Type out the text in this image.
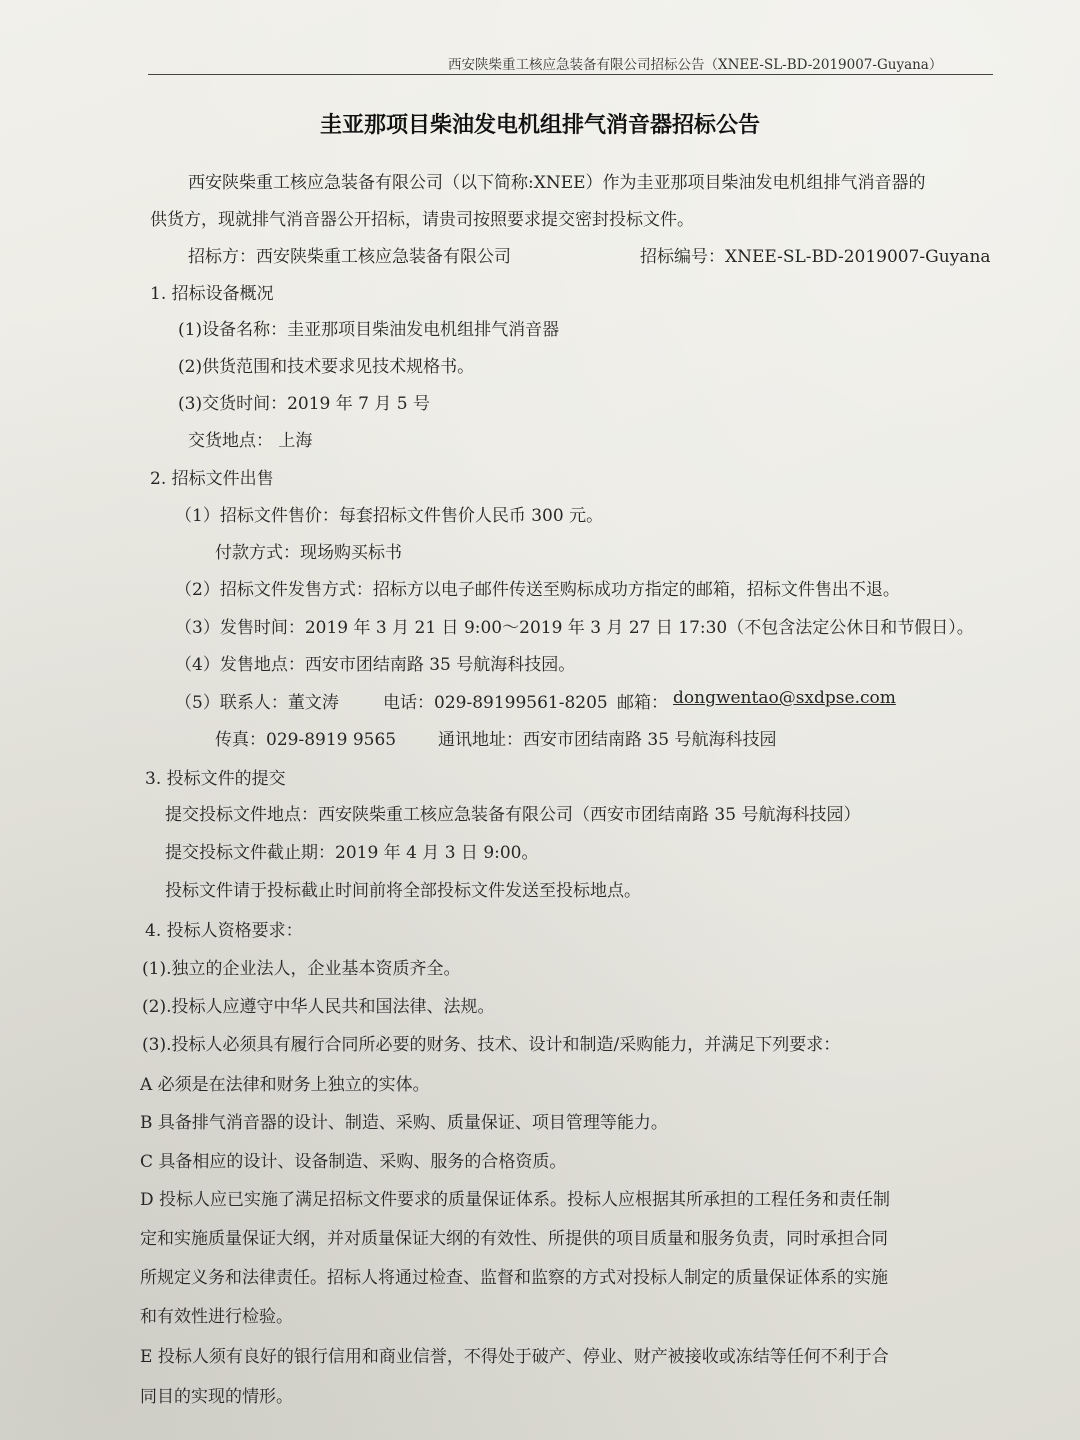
西安陕柴重工核应急装备有限公司招标公告（XNEE-SL-BD-2019007-Guyana）
圭亚那项目柴油发电机组排气消音器招标公告
西安陕柴重工核应急装备有限公司（以下简称:XNEE）作为圭亚那项目柴油发电机组排气消音器的
供货方，现就排气消音器公开招标，请贵司按照要求提交密封投标文件。
招标方：西安陕柴重工核应急装备有限公司	招标编号：XNEE-SL-BD-2019007-Guyana
1. 招标设备概况
(1)设备名称：圭亚那项目柴油发电机组排气消音器
(2)供货范围和技术要求见技术规格书。
(3)交货时间：2019 年 7 月 5 号
交货地点： 上海
2. 招标文件出售
（1）招标文件售价：每套招标文件售价人民币 300 元。
付款方式：现场购买标书
（2）招标文件发售方式：招标方以电子邮件传送至购标成功方指定的邮箱，招标文件售出不退。
（3）发售时间：2019 年 3 月 21 日 9:00～2019 年 3 月 27 日 17:30（不包含法定公休日和节假日）。
（4）发售地点：西安市团结南路 35 号航海科技园。
（5）联系人：董文涛	电话：029-89199561-8205 邮箱： dongwentao@sxdpse.com
传真：029-8919 9565 通讯地址：西安市团结南路 35 号航海科技园
3. 投标文件的提交
提交投标文件地点：西安陕柴重工核应急装备有限公司（西安市团结南路 35 号航海科技园）
提交投标文件截止期：2019 年 4 月 3 日 9:00。
投标文件请于投标截止时间前将全部投标文件发送至投标地点。
4. 投标人资格要求：
(1).独立的企业法人，企业基本资质齐全。
(2).投标人应遵守中华人民共和国法律、法规。
(3).投标人必须具有履行合同所必要的财务、技术、设计和制造/采购能力，并满足下列要求：
A 必须是在法律和财务上独立的实体。
B 具备排气消音器的设计、制造、采购、质量保证、项目管理等能力。
C 具备相应的设计、设备制造、采购、服务的合格资质。
D 投标人应已实施了满足招标文件要求的质量保证体系。投标人应根据其所承担的工程任务和责任制
定和实施质量保证大纲，并对质量保证大纲的有效性、所提供的项目质量和服务负责，同时承担合同
所规定义务和法律责任。招标人将通过检查、监督和监察的方式对投标人制定的质量保证体系的实施
和有效性进行检验。
E 投标人须有良好的银行信用和商业信誉，不得处于破产、停业、财产被接收或冻结等任何不利于合
同目的实现的情形。
